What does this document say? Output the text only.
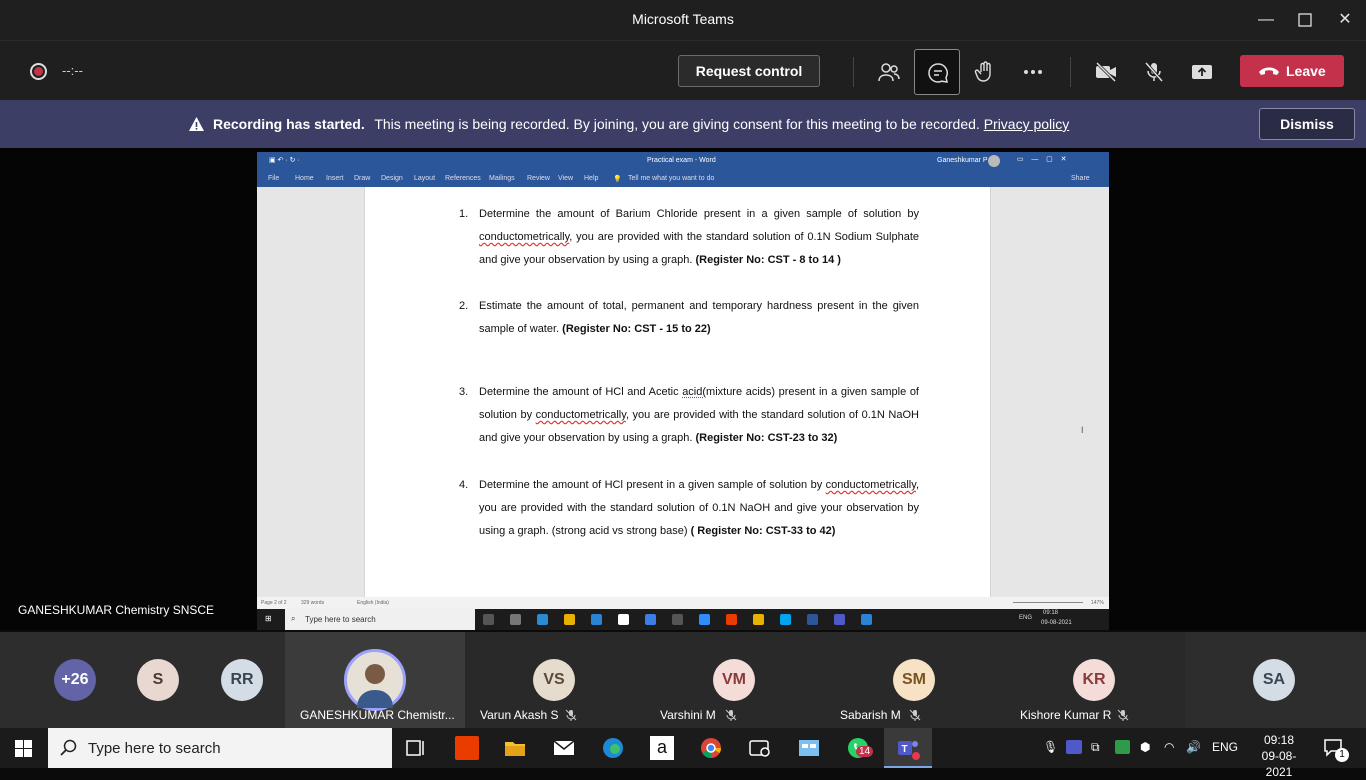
Microsoft Teams	—	✕
--:--	Request control	Leave
Recording has started. This meeting is being recorded. By joining, you are giving consent for this meeting to be recorded. Privacy policy	Dismiss
▣ ↶ · ↻ ·	Practical exam - Word	Ganeshkumar P	▭    —    ▢    ✕
File Home Insert Draw Design Layout References Mailings Review View Help 💡 Tell me what you want to do	Share
1. Determine the amount of Barium Chloride present in a given sample of solution by conductometrically, you are provided with the standard solution of 0.1N Sodium Sulphate and give your observation by using a graph. (Register No: CST - 8 to 14 )
2. Estimate the amount of total, permanent and temporary hardness present in the given sample of water. (Register No: CST - 15 to 22)
3. Determine the amount of HCl and Acetic acid(mixture acids) present in a given sample of solution by conductometrically, you are provided with the standard solution of 0.1N NaOH and give your observation by using a graph. (Register No: CST-23 to 32)
4. Determine the amount of HCl present in a given sample of solution by conductometrically, you are provided with the standard solution of 0.1N NaOH and give your observation by using a graph. (strong acid vs strong base) ( Register No: CST-33 to 42)
I
Page 2 of 2	329 words	English (India)	147%
⊞ ⌕ Type here to search	ENG
09:18
09-08-2021
GANESHKUMAR Chemistry SNSCE
+26	S	RR
GANESHKUMAR Chemistr...
VS
Varun Akash S
VM
Varshini M
SM
Sabarish M
KR
Kishore Kumar R
SA
Type here to search	a	14	T	🎙	⧉	⬢ ◠ 🔊 ENG	09:18
09-08-2021
1
